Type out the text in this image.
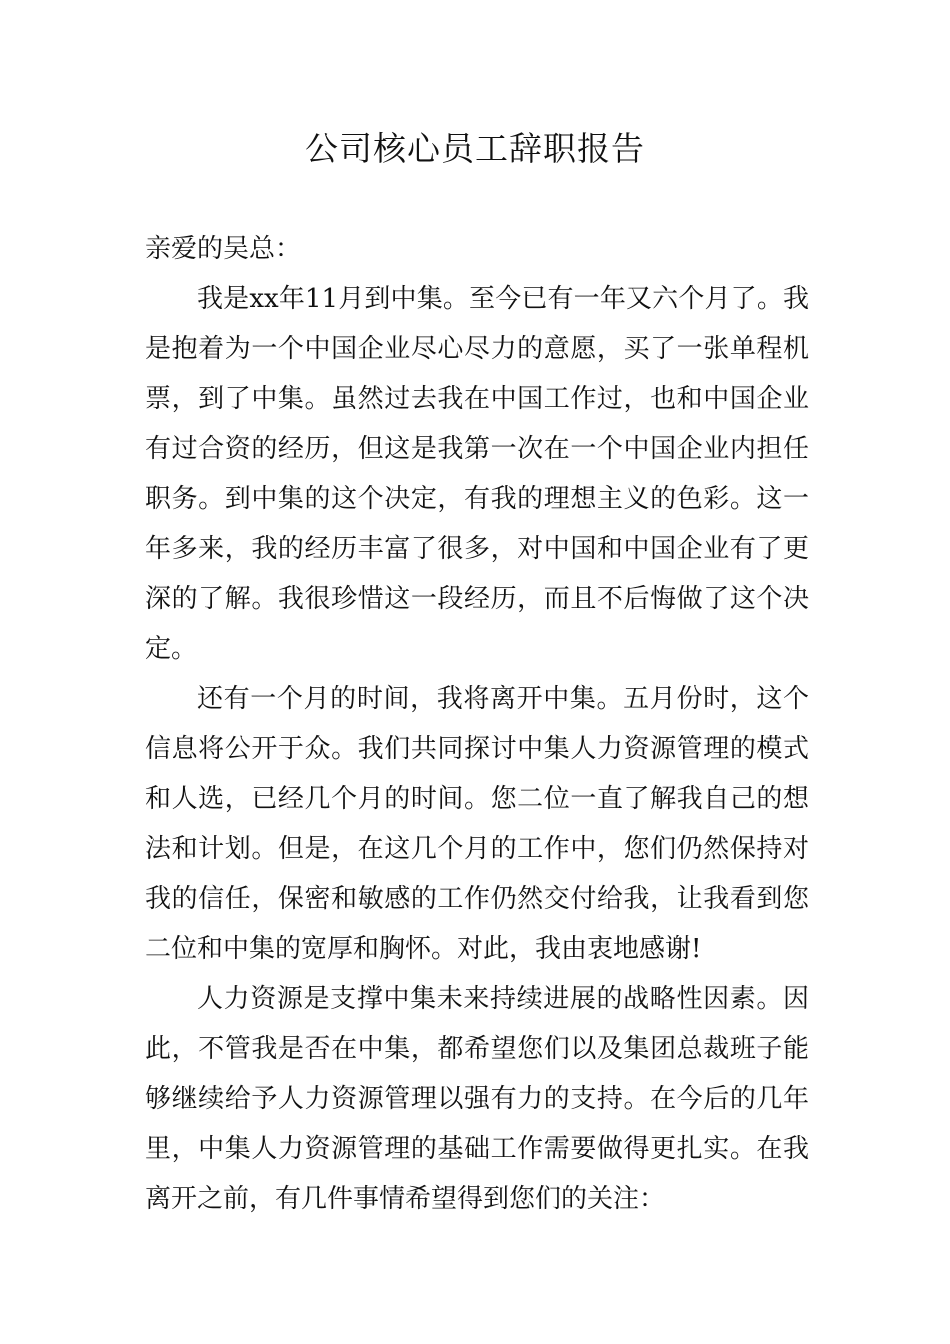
公司核心员工辞职报告

亲爱的吴总：

我是xx年11月到中集。至今已有一年又六个月了。我是抱着为一个中国企业尽心尽力的意愿，买了一张单程机票，到了中集。虽然过去我在中国工作过，也和中国企业有过合资的经历，但这是我第一次在一个中国企业内担任职务。到中集的这个决定，有我的理想主义的色彩。这一年多来，我的经历丰富了很多，对中国和中国企业有了更深的了解。我很珍惜这一段经历，而且不后悔做了这个决定。

还有一个月的时间，我将离开中集。五月份时，这个信息将公开于众。我们共同探讨中集人力资源管理的模式和人选，已经几个月的时间。您二位一直了解我自己的想法和计划。但是，在这几个月的工作中，您们仍然保持对我的信任，保密和敏感的工作仍然交付给我，让我看到您二位和中集的宽厚和胸怀。对此，我由衷地感谢!

人力资源是支撑中集未来持续进展的战略性因素。因此，不管我是否在中集，都希望您们以及集团总裁班子能够继续给予人力资源管理以强有力的支持。在今后的几年里，中集人力资源管理的基础工作需要做得更扎实。在我离开之前，有几件事情希望得到您们的关注：
